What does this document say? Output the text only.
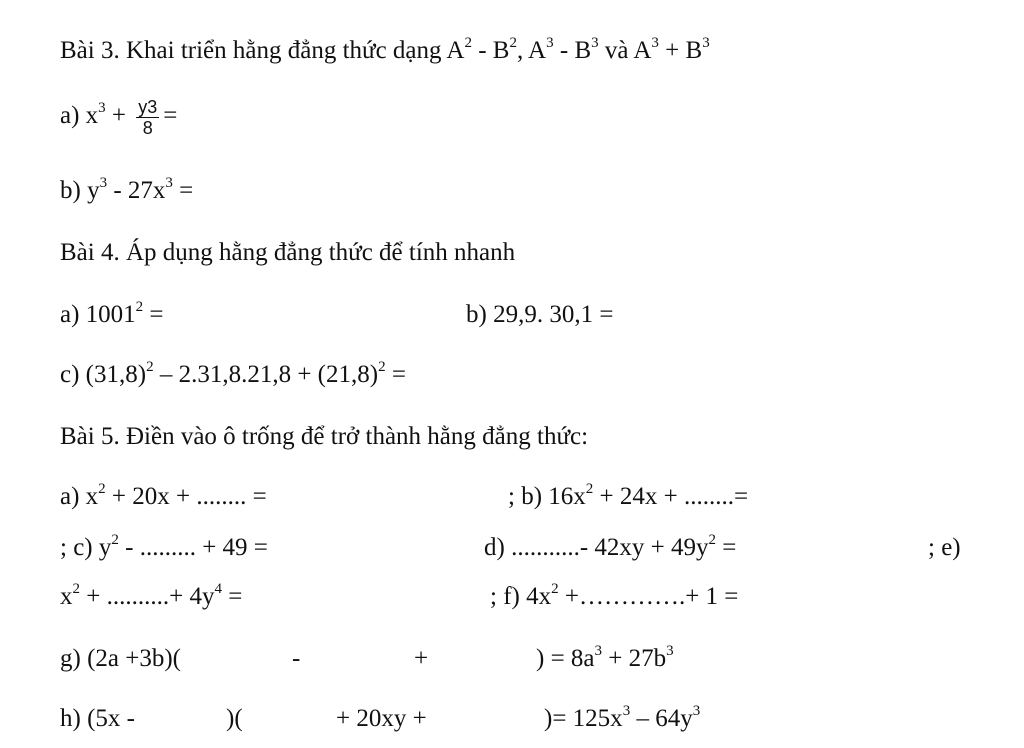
Bài 3. Khai triển hằng đẳng thức dạng $A^2 - B^2$, $A^3 - B^3$ và $A^3 + B^3$
a) $x^3 + \frac{y3}{8}$ =
b) $y^3 - 27x^3$ =
Bài 4. Áp dụng hằng đẳng thức để tính nhanh
a) $1001^2$ =	b) 29,9. 30,1 =
c) $(31,8)^2 - 2.31,8.21,8 + (21,8)^2$ =
Bài 5. Điền vào ô trống để trở thành hằng đẳng thức:
a) $x^2 + 20x$ + ........ =	; b) $16x^2 + 24x$ + ........=
; c) $y^2$ - ......... + 49 =	d) ...........- $42xy + 49y^2$ =	; e)
$x^2$ + ..........+ $4y^4$ =	; f) $4x^2$ +………….+ 1 =
g) (2a +3b)(	-	+	) = $8a^3 + 27b^3$
h) (5x -	)(	+ 20xy +	)= $125x^3 - 64y^3$
